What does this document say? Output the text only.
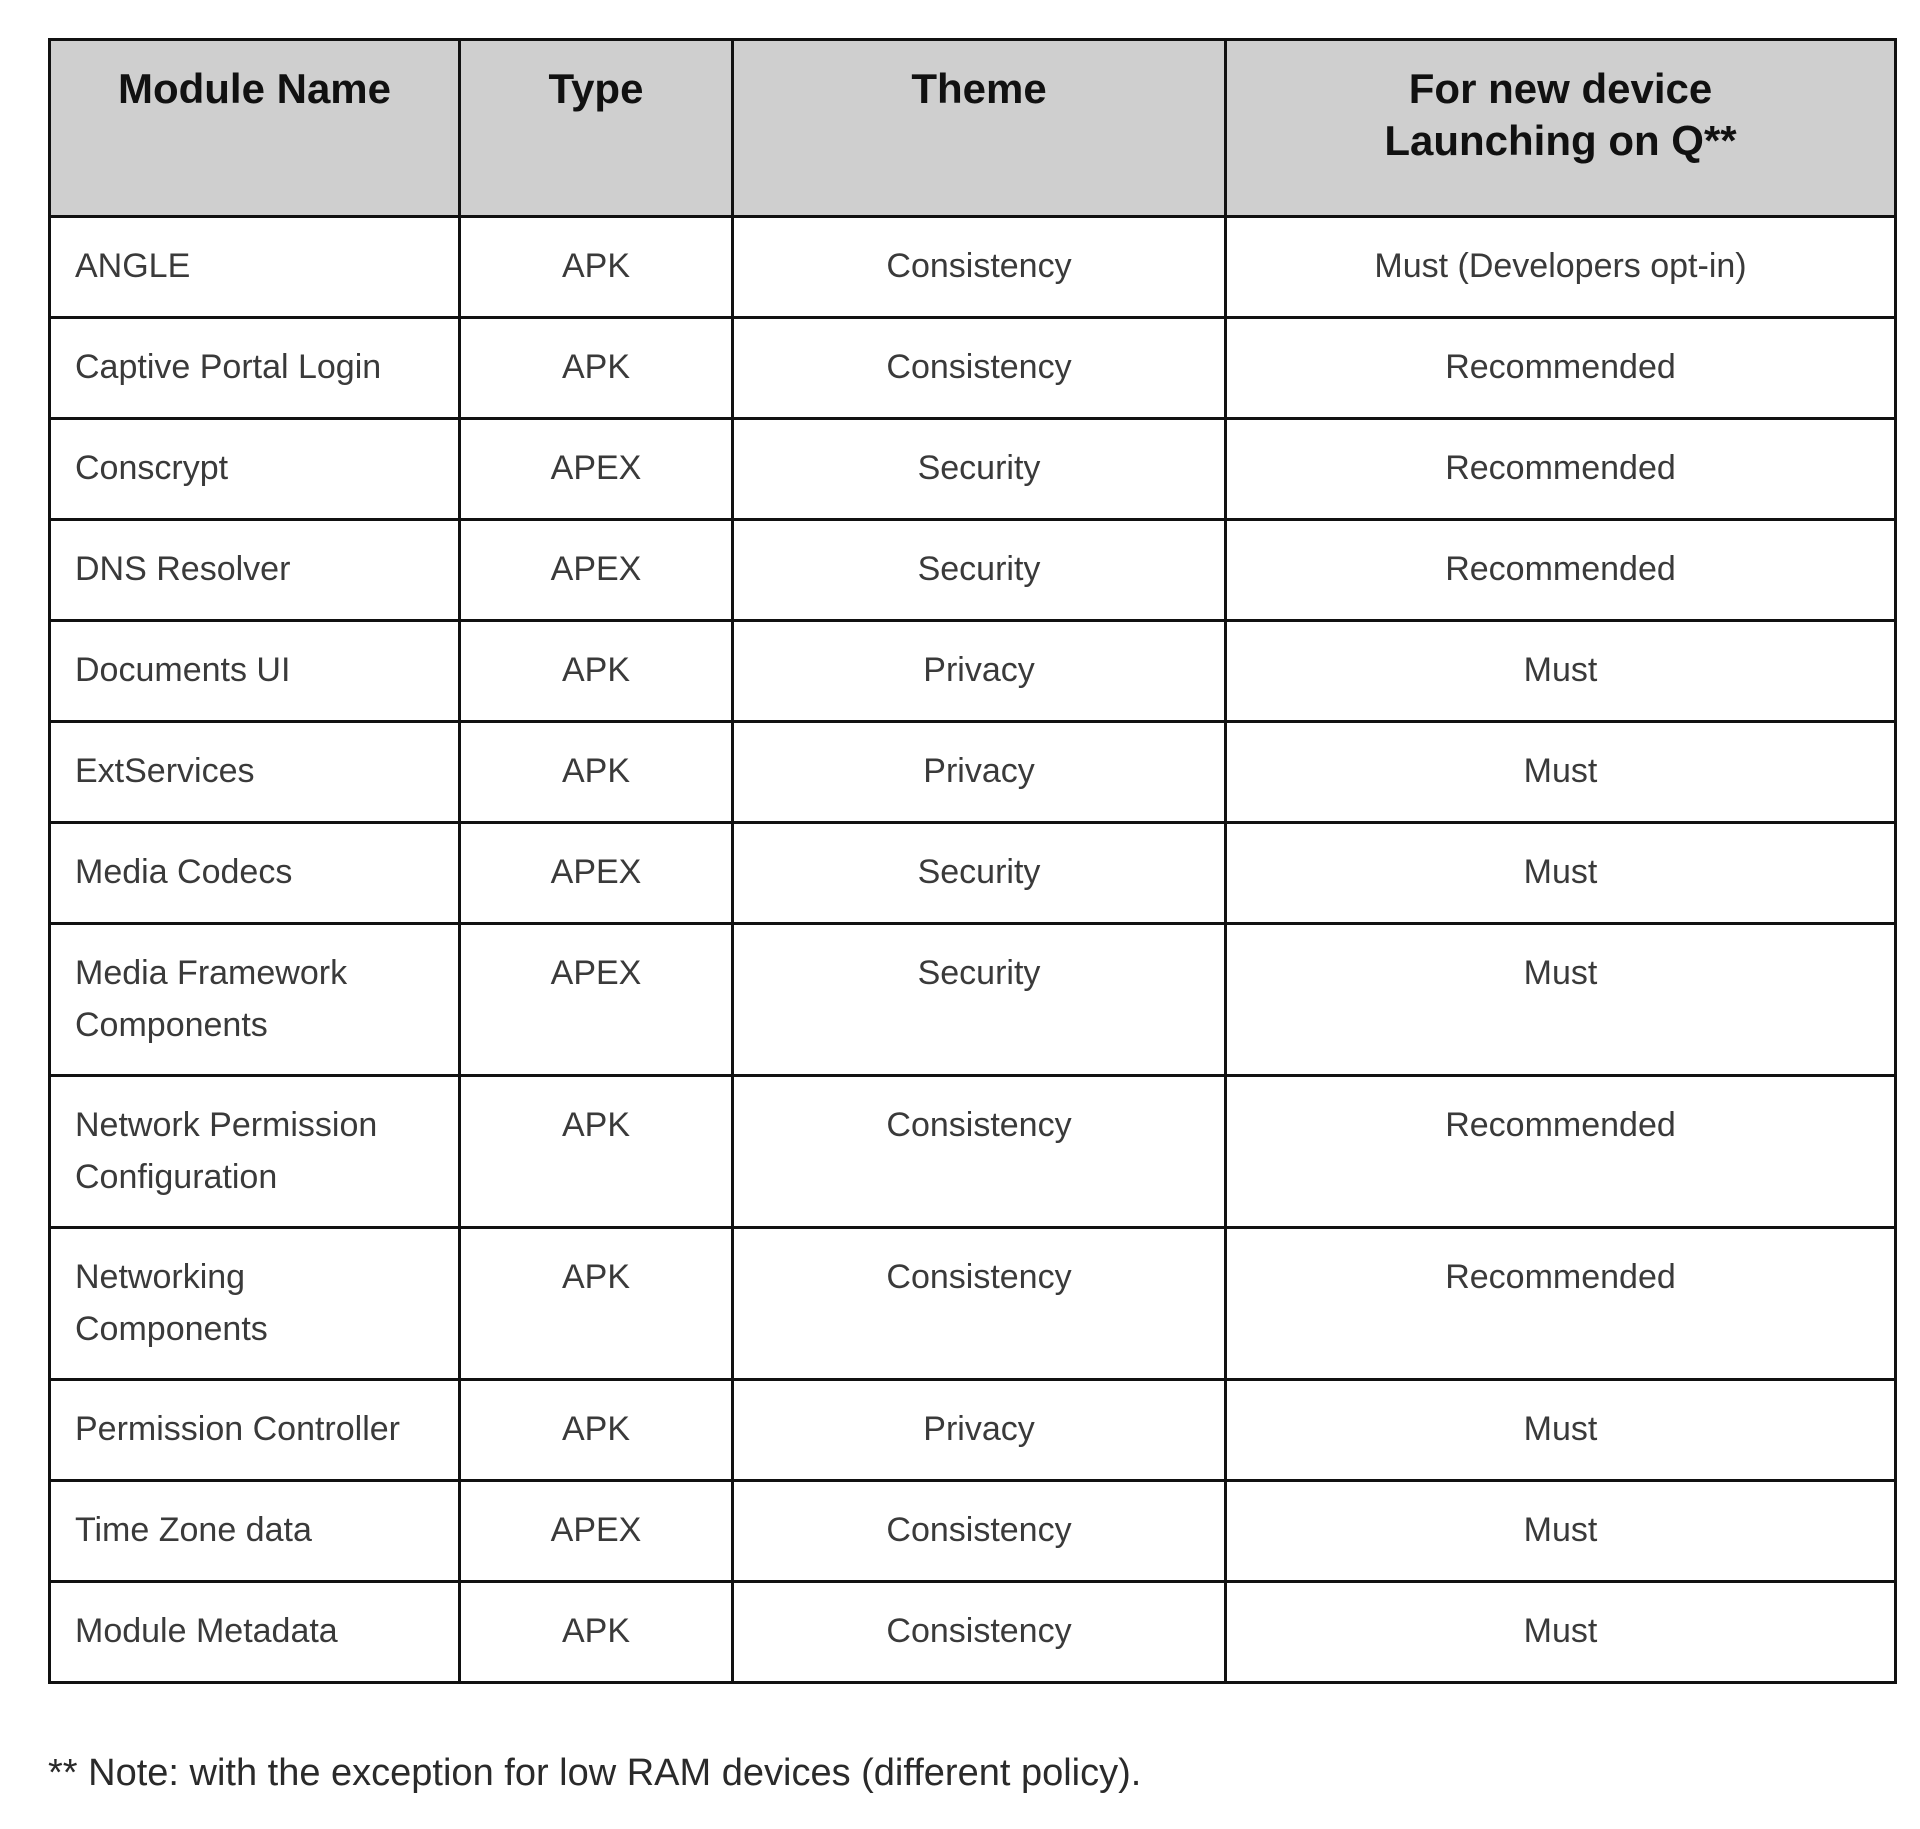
Module Name	Type	Theme	For new device
Launching on Q**

ANGLE	APK	Consistency	Must (Developers opt-in)
Captive Portal Login	APK	Consistency	Recommended
Conscrypt	APEX	Security	Recommended
DNS Resolver	APEX	Security	Recommended
Documents UI	APK	Privacy	Must
ExtServices	APK	Privacy	Must
Media Codecs	APEX	Security	Must

Media Framework
Components	APEX	Security	Must

Network Permission
Configuration	APK	Consistency	Recommended

Networking
Components	APK	Consistency	Recommended
Permission Controller	APK	Privacy	Must
Time Zone data	APEX	Consistency	Must
Module Metadata	APK	Consistency	Must
** Note: with the exception for low RAM devices (different policy).
